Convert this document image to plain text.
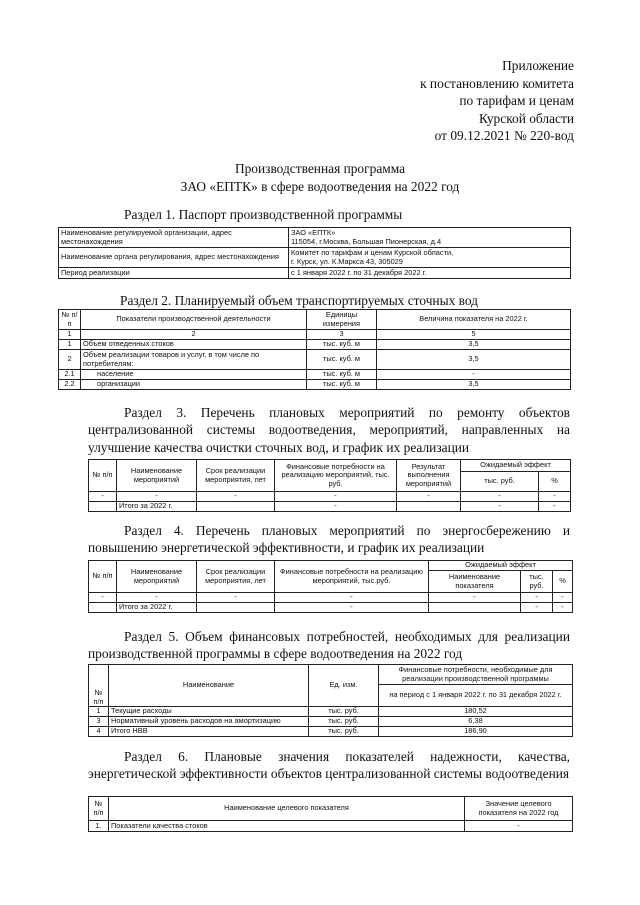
Приложение
к постановлению комитета
по тарифам и ценам
Курской области
от 09.12.2021 № 220-вод
Производственная программа
ЗАО «ЕПТК» в сфере водоотведения на 2022 год
Раздел 1. Паспорт производственной программы
Наименование регулируемой организации, адрес местонахождения	ЗАО «ЕПТК»
115054, г.Москва, Большая Пионерская, д.4
Наименование органа регулирования, адрес местонахождения	Комитет по тарифам и ценам Курской области,
г. Курск, ул. К.Маркса 43, 305029
Период реализации	с 1 января 2022 г. по 31 декабря 2022 г.
Раздел 2. Планируемый объем транспортируемых сточных вод
№ п/п	Показатели производственной деятельности	Единицы измерения	Величина показателя на 2022 г.
1	2	3	5
1	Объем отведенных стоков	тыс. куб. м	3,5
2	Объем реализации товаров и услуг, в том числе по потребителям:	тыс. куб. м	3,5
2.1	население	тыс. куб. м	-
2.2	организации	тыс. куб. м	3,5
Раздел 3. Перечень плановых мероприятий по ремонту объектов централизованной системы водоотведения, мероприятий, направленных на улучшение качества очистки сточных вод, и график их реализации
№ п/п	Наименование мероприятий	Срок реализации мероприятия, лет	Финансовые потребности на реализацию мероприятий, тыс. руб.	Результат выполнения мероприятий	Ожидаемый эффект	
					тыс. руб.	%
-	-	-	-	-	-	-
	Итого за 2022 г.		-		-	-
Раздел 4. Перечень плановых мероприятий по энергосбережению и повышению энергетической эффективности, и график их реализации
№ п/п	Наименование мероприятий	Срок реализации мероприятия, лет	Финансовые потребности на реализацию мероприятий, тыс.руб.	Ожидаемый эффект		
				Наименование показателя	тыс. руб.	%
-	-	-	-	-	-	-
	Итого за 2022 г.		-		-	-
Раздел 5. Объем финансовых потребностей, необходимых для реализации производственной программы в сфере водоотведения на 2022 год
№ п/п	Наименование	Ед. изм.	Финансовые потребности, необходимые для реализации производственной программы
			на период с 1 января 2022 г. по 31 декабря 2022 г.
1	Текущие расходы	тыс. руб.	180,52
3	Нормативный уровень расходов на амортизацию	тыс. руб.	6,38
4	Итого НВВ	тыс. руб.	186,90
Раздел 6. Плановые значения показателей надежности, качества, энергетической эффективности объектов централизованной системы водоотведения
№ п/п	Наименование целевого показателя	Значение целевого показателя на 2022 год
1.	Показатели качества стоков	-
